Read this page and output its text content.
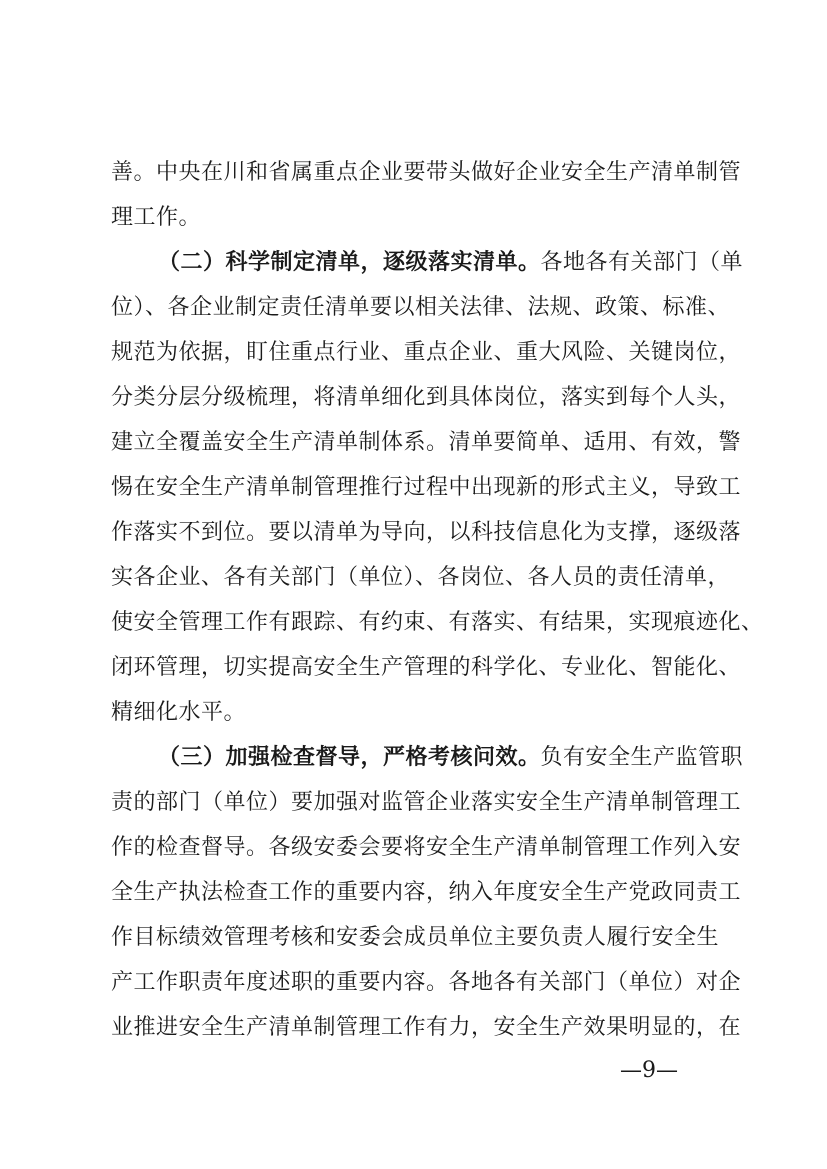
善。中央在川和省属重点企业要带头做好企业安全生产清单制管
理工作。
（二）科学制定清单，逐级落实清单。各地各有关部门（单
位）、各企业制定责任清单要以相关法律、法规、政策、标准、
规范为依据，盯住重点行业、重点企业、重大风险、关键岗位，
分类分层分级梳理，将清单细化到具体岗位，落实到每个人头，
建立全覆盖安全生产清单制体系。清单要简单、适用、有效，警
惕在安全生产清单制管理推行过程中出现新的形式主义，导致工
作落实不到位。要以清单为导向，以科技信息化为支撑，逐级落
实各企业、各有关部门（单位）、各岗位、各人员的责任清单，
使安全管理工作有跟踪、有约束、有落实、有结果，实现痕迹化、
闭环管理，切实提高安全生产管理的科学化、专业化、智能化、
精细化水平。
（三）加强检查督导，严格考核问效。负有安全生产监管职
责的部门（单位）要加强对监管企业落实安全生产清单制管理工
作的检查督导。各级安委会要将安全生产清单制管理工作列入安
全生产执法检查工作的重要内容，纳入年度安全生产党政同责工
作目标绩效管理考核和安委会成员单位主要负责人履行安全生
产工作职责年度述职的重要内容。各地各有关部门（单位）对企
业推进安全生产清单制管理工作有力，安全生产效果明显的，在
—9—
